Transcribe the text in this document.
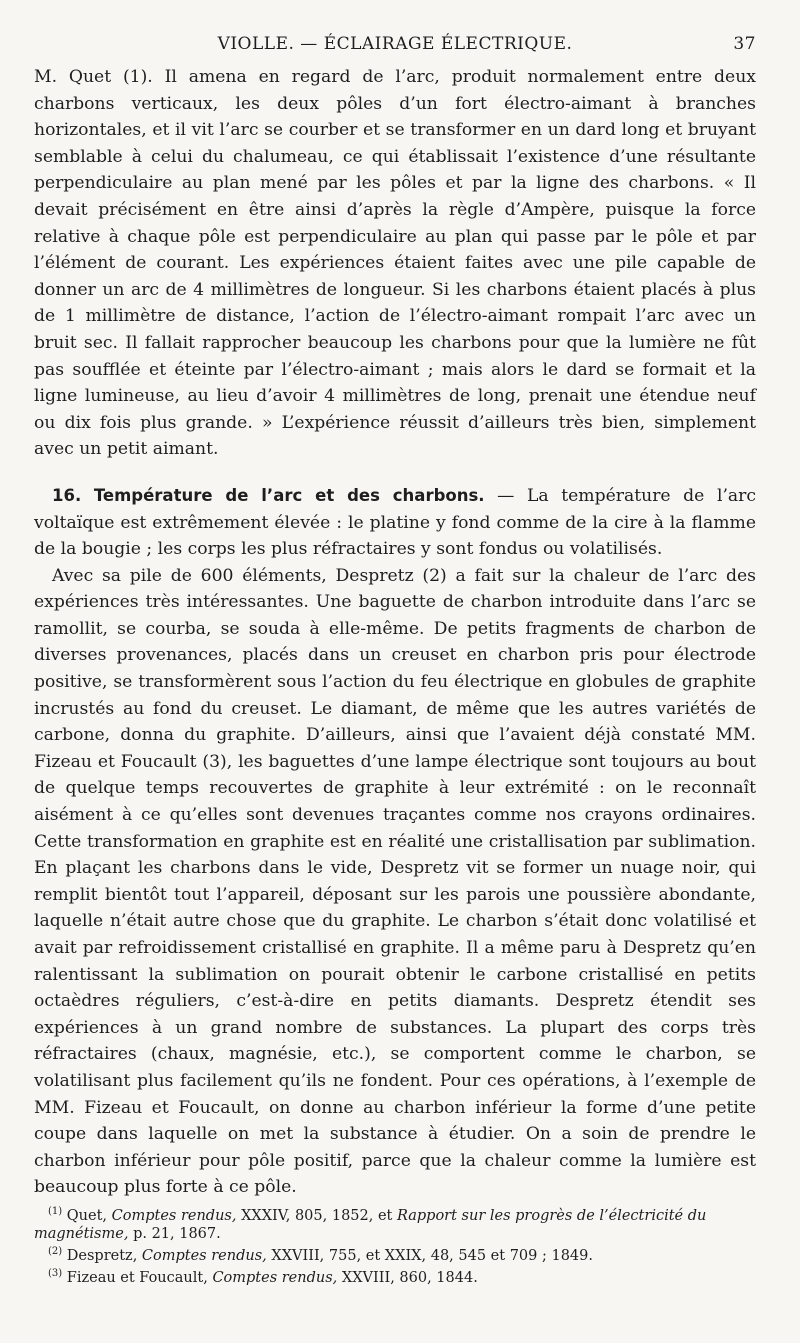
VIOLLE. — ÉCLAIRAGE ÉLECTRIQUE.	37

M. Quet (1). Il amena en regard de l’arc, produit normalement entre deux charbons verticaux, les deux pôles d’un fort électro-aimant à branches horizontales, et il vit l’arc se courber et se transformer en un dard long et bruyant semblable à celui du chalumeau, ce qui établissait l’existence d’une résultante perpendiculaire au plan mené par les pôles et par la ligne des charbons. « Il devait précisément en être ainsi d’après la règle d’Ampère, puisque la force relative à chaque pôle est perpendiculaire au plan qui passe par le pôle et par l’élément de courant. Les expériences étaient faites avec une pile capable de donner un arc de 4 millimètres de longueur. Si les charbons étaient placés à plus de 1 millimètre de distance, l’action de l’électro-aimant rompait l’arc avec un bruit sec. Il fallait rapprocher beaucoup les charbons pour que la lumière ne fût pas soufflée et éteinte par l’électro-aimant ; mais alors le dard se formait et la ligne lumineuse, au lieu d’avoir 4 millimètres de long, prenait une étendue neuf ou dix fois plus grande. » L’expérience réussit d’ailleurs très bien, simplement avec un petit aimant.

16. Température de l’arc et des charbons. — La température de l’arc voltaïque est extrêmement élevée : le platine y fond comme de la cire à la flamme de la bougie ; les corps les plus réfractaires y sont fondus ou volatilisés.

Avec sa pile de 600 éléments, Despretz (2) a fait sur la chaleur de l’arc des expériences très intéressantes. Une baguette de charbon introduite dans l’arc se ramollit, se courba, se souda à elle-même. De petits fragments de charbon de diverses provenances, placés dans un creuset en charbon pris pour électrode positive, se transformèrent sous l’action du feu électrique en globules de graphite incrustés au fond du creuset. Le diamant, de même que les autres variétés de carbone, donna du graphite. D’ailleurs, ainsi que l’avaient déjà constaté MM. Fizeau et Foucault (3), les baguettes d’une lampe électrique sont toujours au bout de quelque temps recouvertes de graphite à leur extrémité : on le reconnaît aisément à ce qu’elles sont devenues traçantes comme nos crayons ordinaires. Cette transformation en graphite est en réalité une cristallisation par sublimation. En plaçant les charbons dans le vide, Despretz vit se former un nuage noir, qui remplit bientôt tout l’appareil, déposant sur les parois une poussière abondante, laquelle n’était autre chose que du graphite. Le charbon s’était donc volatilisé et avait par refroidissement cristallisé en graphite. Il a même paru à Despretz qu’en ralentissant la sublimation on pourait obtenir le carbone cristallisé en petits octaèdres réguliers, c’est-à-dire en petits diamants. Despretz étendit ses expériences à un grand nombre de substances. La plupart des corps très réfractaires (chaux, magnésie, etc.), se comportent comme le charbon, se volatilisant plus facilement qu’ils ne fondent. Pour ces opérations, à l’exemple de MM. Fizeau et Foucault, on donne au charbon inférieur la forme d’une petite coupe dans laquelle on met la substance à étudier. On a soin de prendre le charbon inférieur pour pôle positif, parce que la chaleur comme la lumière est beaucoup plus forte à ce pôle.

$^{(1)}$ Quet, Comptes rendus, XXXIV, 805, 1852, et Rapport sur les progrès de l’électricité du magnétisme, p. 21, 1867.

$^{(2)}$ Despretz, Comptes rendus, XXVIII, 755, et XXIX, 48, 545 et 709 ; 1849.

$^{(3)}$ Fizeau et Foucault, Comptes rendus, XXVIII, 860, 1844.
